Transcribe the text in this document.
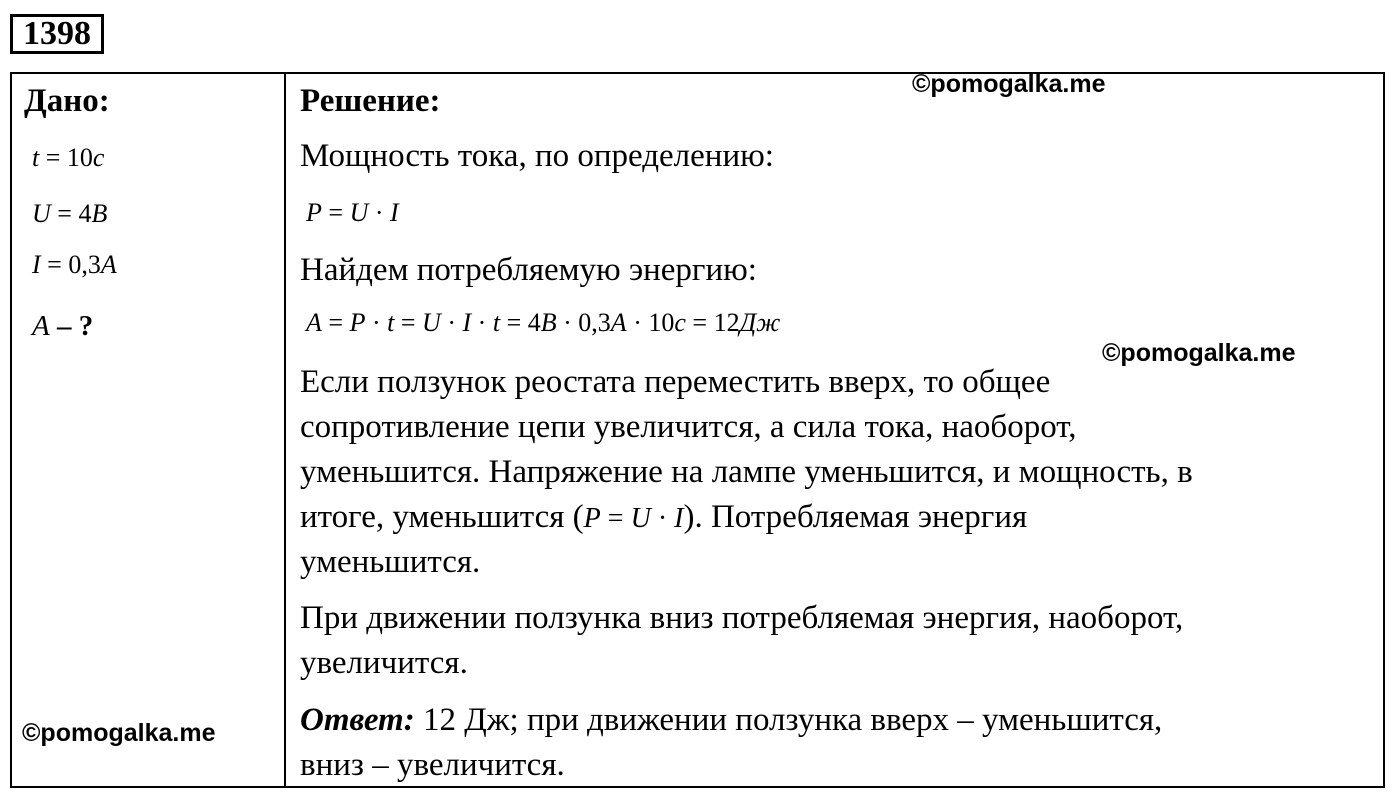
1398
Дано:
t = 10c
U = 4B
I = 0,3A
A – ?
Решение:
Мощность тока, по определению:
P = U · I
Найдем потребляемую энергию:
A = P · t = U · I · t = 4B · 0,3A · 10c = 12Дж
Если ползунок реостата переместить вверх, то общее
сопротивление цепи увеличится, а сила тока, наоборот,
уменьшится. Напряжение на лампе уменьшится, и мощность, в
итоге, уменьшится (P = U · I). Потребляемая энергия
уменьшится.
При движении ползунка вниз потребляемая энергия, наоборот,
увеличится.
Ответ: 12 Дж; при движении ползунка вверх – уменьшится,
вниз – увеличится.
©pomogalka.me
©pomogalka.me
©pomogalka.me
